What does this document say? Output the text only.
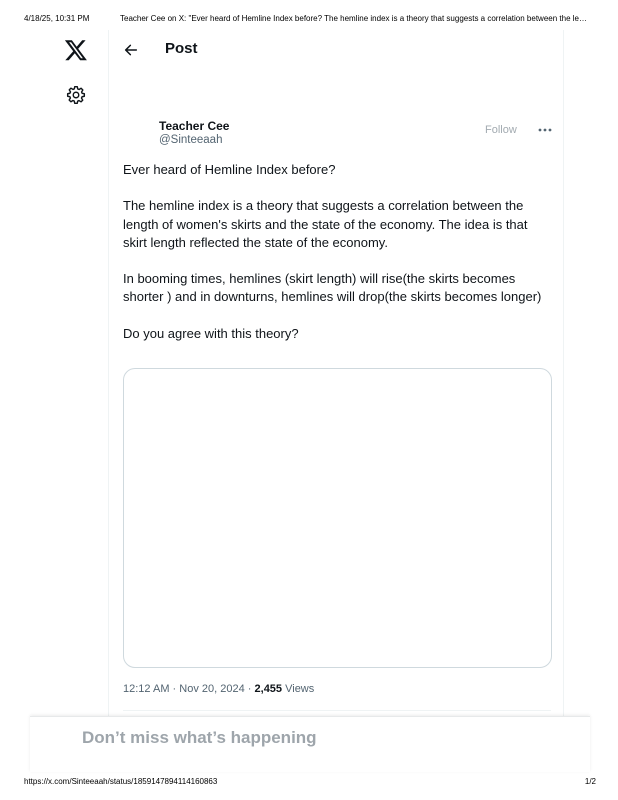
4/18/25, 10:31 PM	Teacher Cee on X: "Ever heard of Hemline Index before? The hemline index is a theory that suggests a correlation between the le…
Post
Teacher Cee
@Sinteeaah
Follow

Ever heard of Hemline Index before?

The hemline index is a theory that suggests a correlation between the length of women's skirts and the state of the economy. The idea is that skirt length reflected the state of the economy.

In booming times, hemlines (skirt length) will rise(the skirts becomes shorter ) and in downturns, hemlines will drop(the skirts becomes longer)

Do you agree with this theory?

12:12 AM · Nov 20, 2024 · 2,455 Views
Don’t miss what’s happening
https://x.com/Sinteeaah/status/1859147894114160863	1/2
